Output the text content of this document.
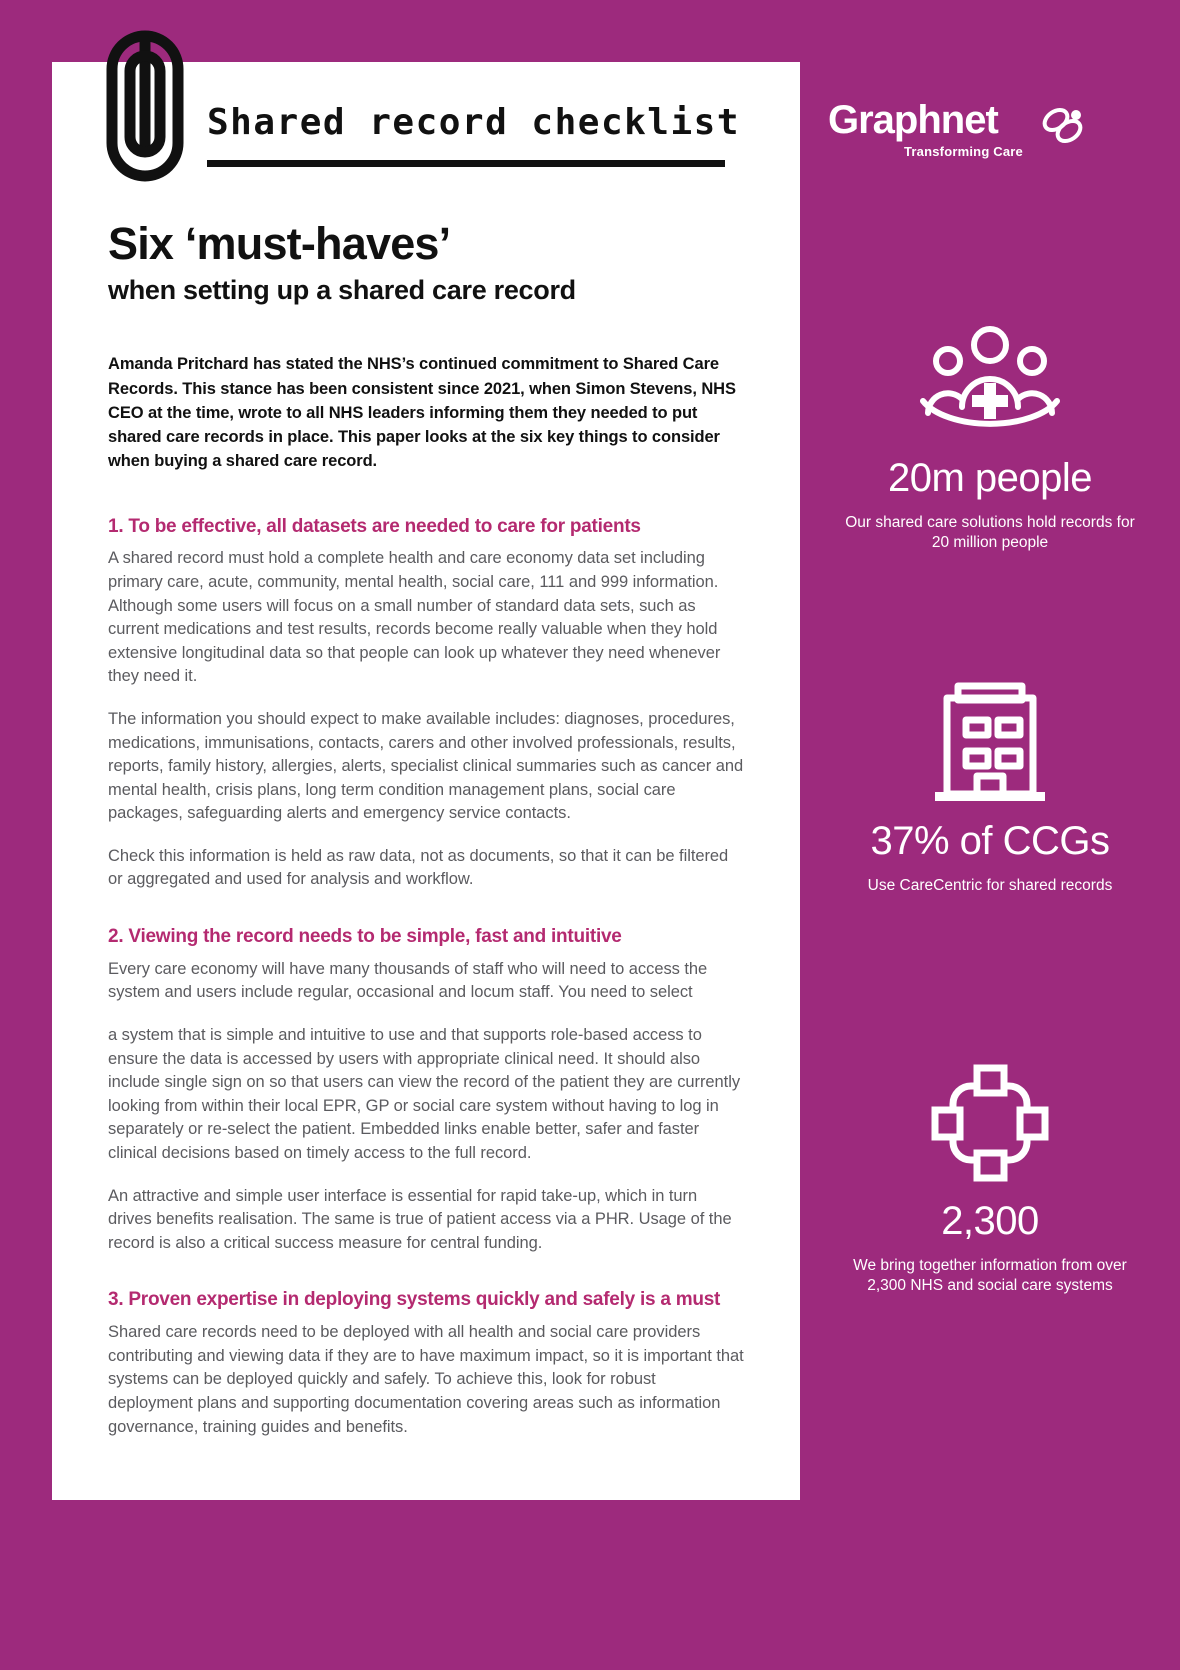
Shared record checklist
Six ‘must-haves’
when setting up a shared care record

Amanda Pritchard has stated the NHS’s continued commitment to Shared Care Records. This stance has been consistent since 2021, when Simon Stevens, NHS CEO at the time, wrote to all NHS leaders informing them they needed to put shared care records in place. This paper looks at the six key things to consider when buying a shared care record.

1. To be effective, all datasets are needed to care for patients

A shared record must hold a complete health and care economy data set including primary care, acute, community, mental health, social care, 111 and 999 information. Although some users will focus on a small number of standard data sets, such as current medications and test results, records become really valuable when they hold extensive longitudinal data so that people can look up whatever they need whenever they need it.

The information you should expect to make available includes: diagnoses, procedures, medications, immunisations, contacts, carers and other involved professionals, results, reports, family history, allergies, alerts, specialist clinical summaries such as cancer and mental health, crisis plans, long term condition management plans, social care packages, safeguarding alerts and emergency service contacts.

Check this information is held as raw data, not as documents, so that it can be filtered or aggregated and used for analysis and workflow.

2. Viewing the record needs to be simple, fast and intuitive

Every care economy will have many thousands of staff who will need to access the system and users include regular, occasional and locum staff. You need to select

a system that is simple and intuitive to use and that supports role-based access to ensure the data is accessed by users with appropriate clinical need. It should also include single sign on so that users can view the record of the patient they are currently looking from within their local EPR, GP or social care system without having to log in separately or re-select the patient. Embedded links enable better, safer and faster clinical decisions based on timely access to the full record.

An attractive and simple user interface is essential for rapid take-up, which in turn drives benefits realisation. The same is true of patient access via a PHR. Usage of the record is also a critical success measure for central funding.

3. Proven expertise in deploying systems quickly and safely is a must

Shared care records need to be deployed with all health and social care providers contributing and viewing data if they are to have maximum impact, so it is important that systems can be deployed quickly and safely. To achieve this, look for robust deployment plans and supporting documentation covering areas such as information governance, training guides and benefits.

Graphnet
Transforming Care
20m people
Our shared care solutions hold records for 20 million people
37% of CCGs
Use CareCentric for shared records
2,300
We bring together information from over 2,300 NHS and social care systems
